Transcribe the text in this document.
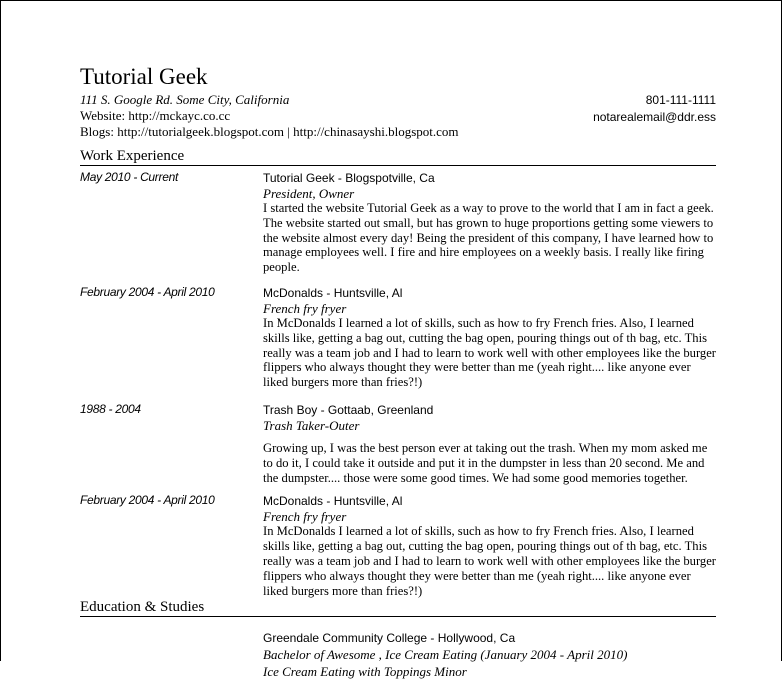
Tutorial Geek
111 S. Google Rd. Some City, California
Website: http://mckayc.co.cc
Blogs: http://tutorialgeek.blogspot.com | http://chinasayshi.blogspot.com
801-111-1111
notarealemail@ddr.ess
Work Experience
May 2010 - Current	Tutorial Geek - Blogspotville, Ca
President, Owner
I started the website Tutorial Geek as a way to prove to the world that I am in fact a geek. The website started out small, but has grown to huge proportions getting some viewers to the website almost every day! Being the president of this company, I have learned how to manage employees well. I fire and hire employees on a weekly basis. I really like firing people.
February 2004 - April 2010	McDonalds - Huntsville, Al
French fry fryer
In McDonalds I learned a lot of skills, such as how to fry French fries. Also, I learned skills like, getting a bag out, cutting the bag open, pouring things out of th bag, etc. This really was a team job and I had to learn to work well with other employees like the burger flippers who always thought they were better than me (yeah right.... like anyone ever liked burgers more than fries?!)
1988 - 2004	Trash Boy - Gottaab, Greenland
Trash Taker-Outer
Growing up, I was the best person ever at taking out the trash. When my mom asked me to do it, I could take it outside and put it in the dumpster in less than 20 second. Me and the dumpster.... those were some good times. We had some good memories together.
February 2004 - April 2010	McDonalds - Huntsville, Al
French fry fryer
In McDonalds I learned a lot of skills, such as how to fry French fries. Also, I learned skills like, getting a bag out, cutting the bag open, pouring things out of th bag, etc. This really was a team job and I had to learn to work well with other employees like the burger flippers who always thought they were better than me (yeah right.... like anyone ever liked burgers more than fries?!)
Education & Studies
Greendale Community College - Hollywood, Ca
Bachelor of Awesome , Ice Cream Eating (January 2004 - April 2010)
Ice Cream Eating with Toppings Minor
